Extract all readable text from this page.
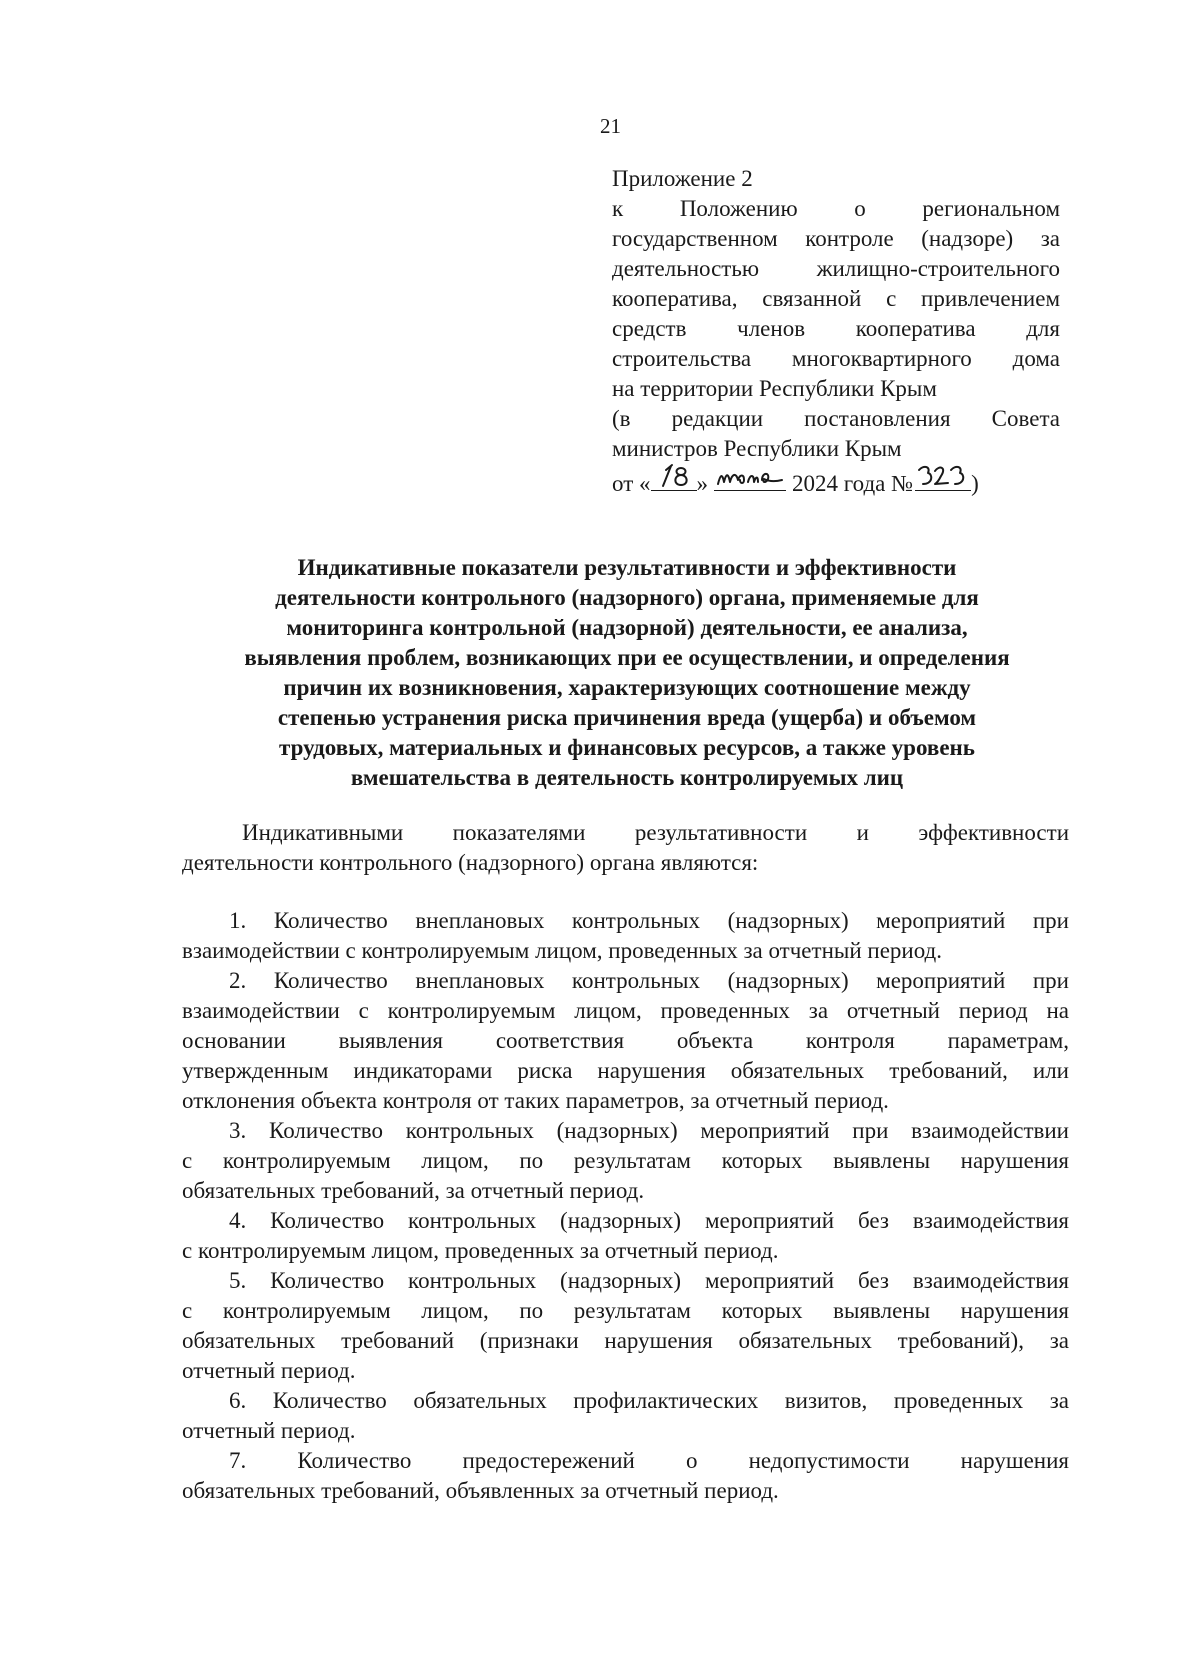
21
Приложение 2
к Положению о региональном
государственном контроле (надзоре) за
деятельностью жилищно-строительного
кооператива, связанной с привлечением
средств членов кооператива для
строительства многоквартирного дома
на территории Республики Крым
(в редакции постановления Совета
министров Республики Крым
от « »	2024 года №	)
Индикативные показатели результативности и эффективности
деятельности контрольного (надзорного) органа, применяемые для
мониторинга контрольной (надзорной) деятельности, ее анализа,
выявления проблем, возникающих при ее осуществлении, и определения
причин их возникновения, характеризующих соотношение между
степенью устранения риска причинения вреда (ущерба) и объемом
трудовых, материальных и финансовых ресурсов, а также уровень
вмешательства в деятельность контролируемых лиц
Индикативными показателями результативности и эффективности
деятельности контрольного (надзорного) органа являются:
1. Количество внеплановых контрольных (надзорных) мероприятий при
взаимодействии с контролируемым лицом, проведенных за отчетный период.
2. Количество внеплановых контрольных (надзорных) мероприятий при
взаимодействии с контролируемым лицом, проведенных за отчетный период на
основании выявления соответствия объекта контроля параметрам,
утвержденным индикаторами риска нарушения обязательных требований, или
отклонения объекта контроля от таких параметров, за отчетный период.
3. Количество контрольных (надзорных) мероприятий при взаимодействии
с контролируемым лицом, по результатам которых выявлены нарушения
обязательных требований, за отчетный период.
4. Количество контрольных (надзорных) мероприятий без взаимодействия
с контролируемым лицом, проведенных за отчетный период.
5. Количество контрольных (надзорных) мероприятий без взаимодействия
с контролируемым лицом, по результатам которых выявлены нарушения
обязательных требований (признаки нарушения обязательных требований), за
отчетный период.
6. Количество обязательных профилактических визитов, проведенных за
отчетный период.
7. Количество предостережений о недопустимости нарушения
обязательных требований, объявленных за отчетный период.
